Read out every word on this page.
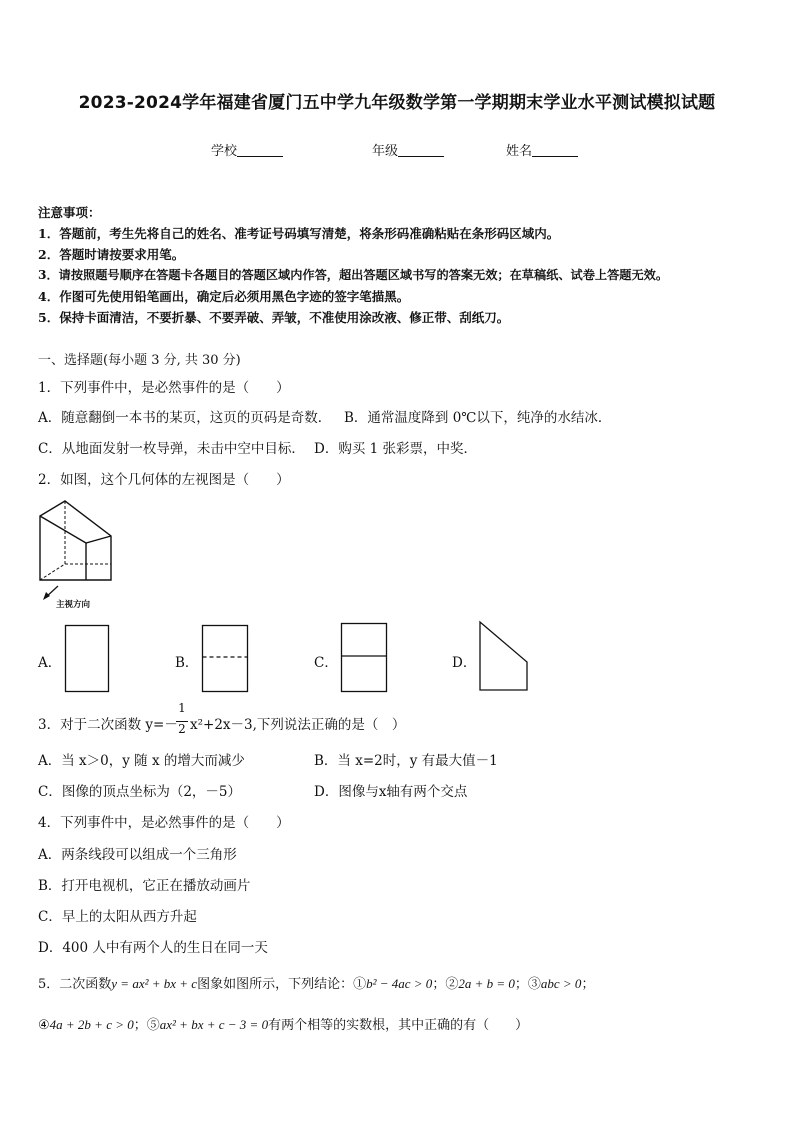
2023-2024学年福建省厦门五中学九年级数学第一学期期末学业水平测试模拟试题
学校	年级	姓名
注意事项：
1．答题前，考生先将自己的姓名、准考证号码填写清楚，将条形码准确粘贴在条形码区域内。
2．答题时请按要求用笔。
3．请按照题号顺序在答题卡各题目的答题区域内作答，超出答题区域书写的答案无效；在草稿纸、试卷上答题无效。
4．作图可先使用铅笔画出，确定后必须用黑色字迹的签字笔描黑。
5．保持卡面清洁，不要折暴、不要弄破、弄皱，不准使用涂改液、修正带、刮纸刀。
一、选择题(每小题 3 分, 共 30 分)
1．下列事件中，是必然事件的是（　　）
A．随意翻倒一本书的某页，这页的页码是奇数． B．通常温度降到 0℃以下，纯净的水结冰．
C．从地面发射一枚导弹，未击中空中目标． D．购买 1 张彩票，中奖．
2．如图，这个几何体的左视图是（　　）
主视方向
A．	B．	C．	D．
3．对于二次函数 y=－
1
2 x²+2x－3,下列说法正确的是（　）
A．当 x＞0，y 随 x 的增大而减少	B．当 x=2时，y 有最大值－1
C．图像的顶点坐标为（2，－5）	D．图像与x轴有两个交点
4．下列事件中，是必然事件的是（　　）
A．两条线段可以组成一个三角形
B．打开电视机，它正在播放动画片
C．早上的太阳从西方升起
D．400 人中有两个人的生日在同一天
5．二次函数y = ax² + bx + c图象如图所示，下列结论：①b² − 4ac > 0；②2a + b = 0；③abc > 0；
④4a + 2b + c > 0；⑤ax² + bx + c − 3 = 0有两个相等的实数根，其中正确的有（　　）
